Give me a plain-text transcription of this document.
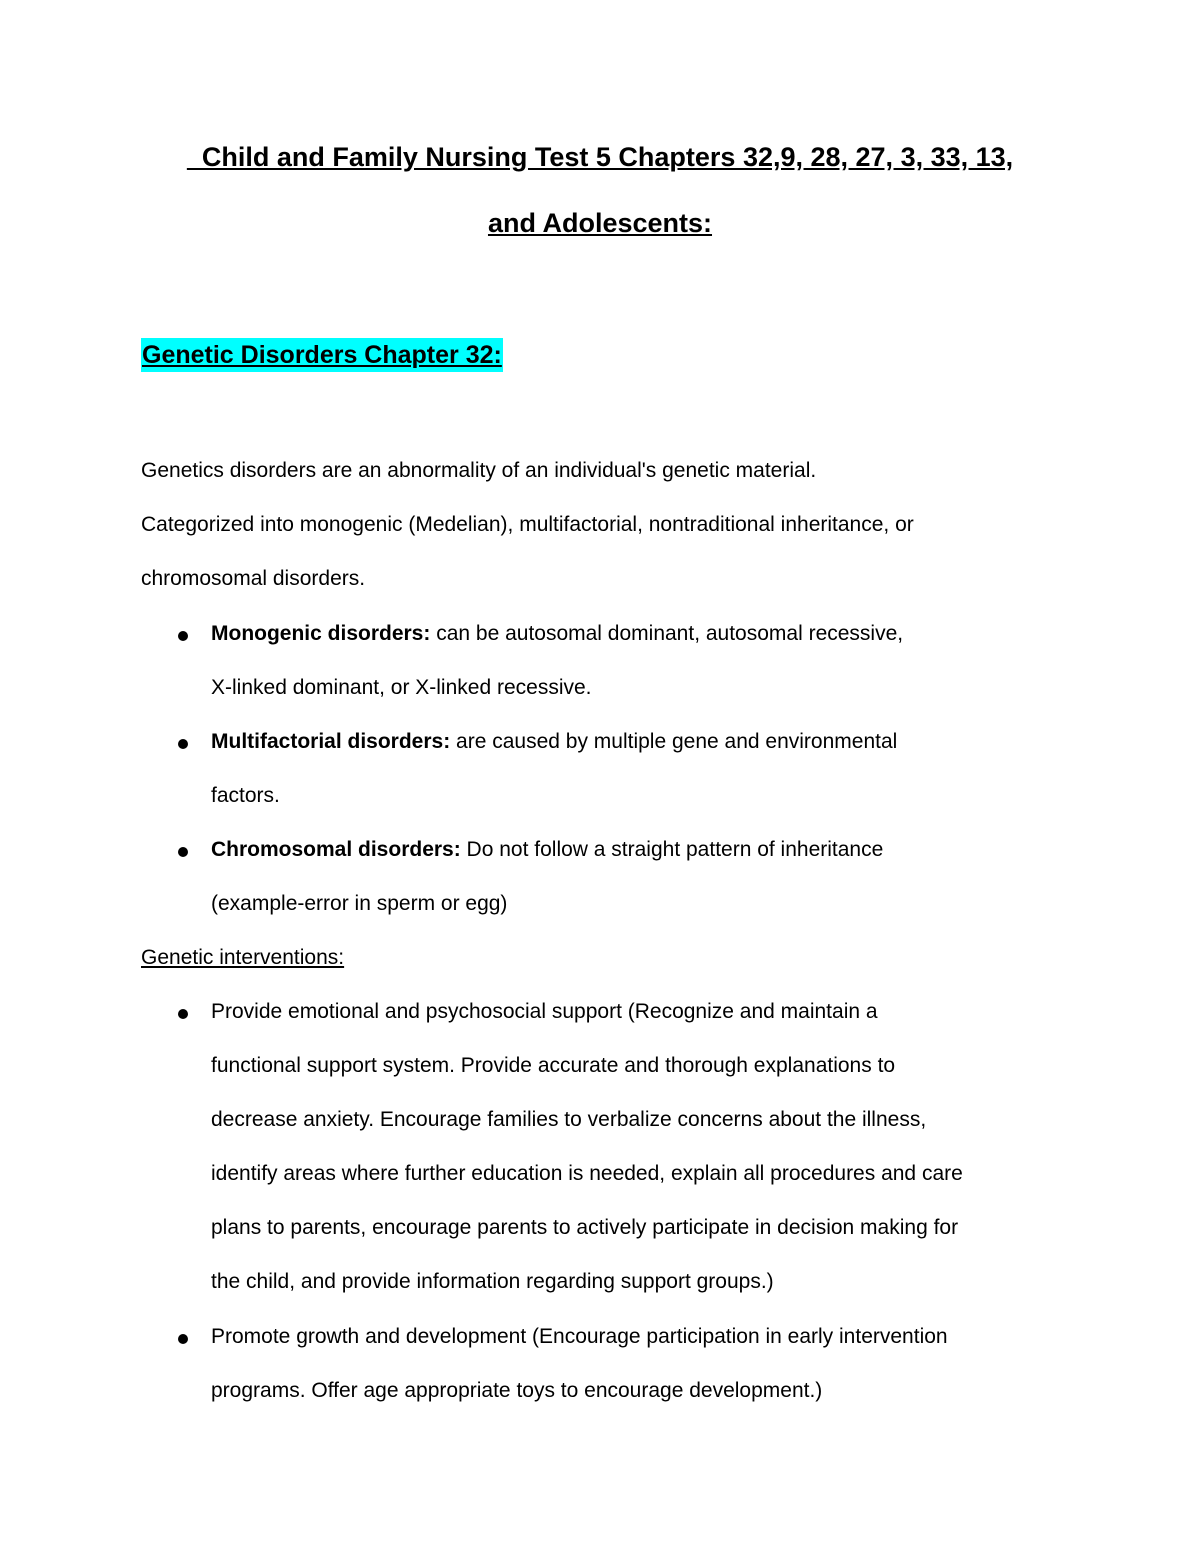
Child and Family Nursing Test 5 Chapters 32,9, 28, 27, 3, 33, 13,
and Adolescents:
Genetic Disorders Chapter 32:
Genetics disorders are an abnormality of an individual's genetic material.
Categorized into monogenic (Medelian), multifactorial, nontraditional inheritance, or
chromosomal disorders.
Monogenic disorders: can be autosomal dominant, autosomal recessive,
X-linked dominant, or X-linked recessive.
Multifactorial disorders: are caused by multiple gene and environmental
factors.
Chromosomal disorders: Do not follow a straight pattern of inheritance
(example-error in sperm or egg)
Genetic interventions:
Provide emotional and psychosocial support (Recognize and maintain a
functional support system. Provide accurate and thorough explanations to
decrease anxiety. Encourage families to verbalize concerns about the illness,
identify areas where further education is needed, explain all procedures and care
plans to parents, encourage parents to actively participate in decision making for
the child, and provide information regarding support groups.)
Promote growth and development (Encourage participation in early intervention
programs. Offer age appropriate toys to encourage development.)
